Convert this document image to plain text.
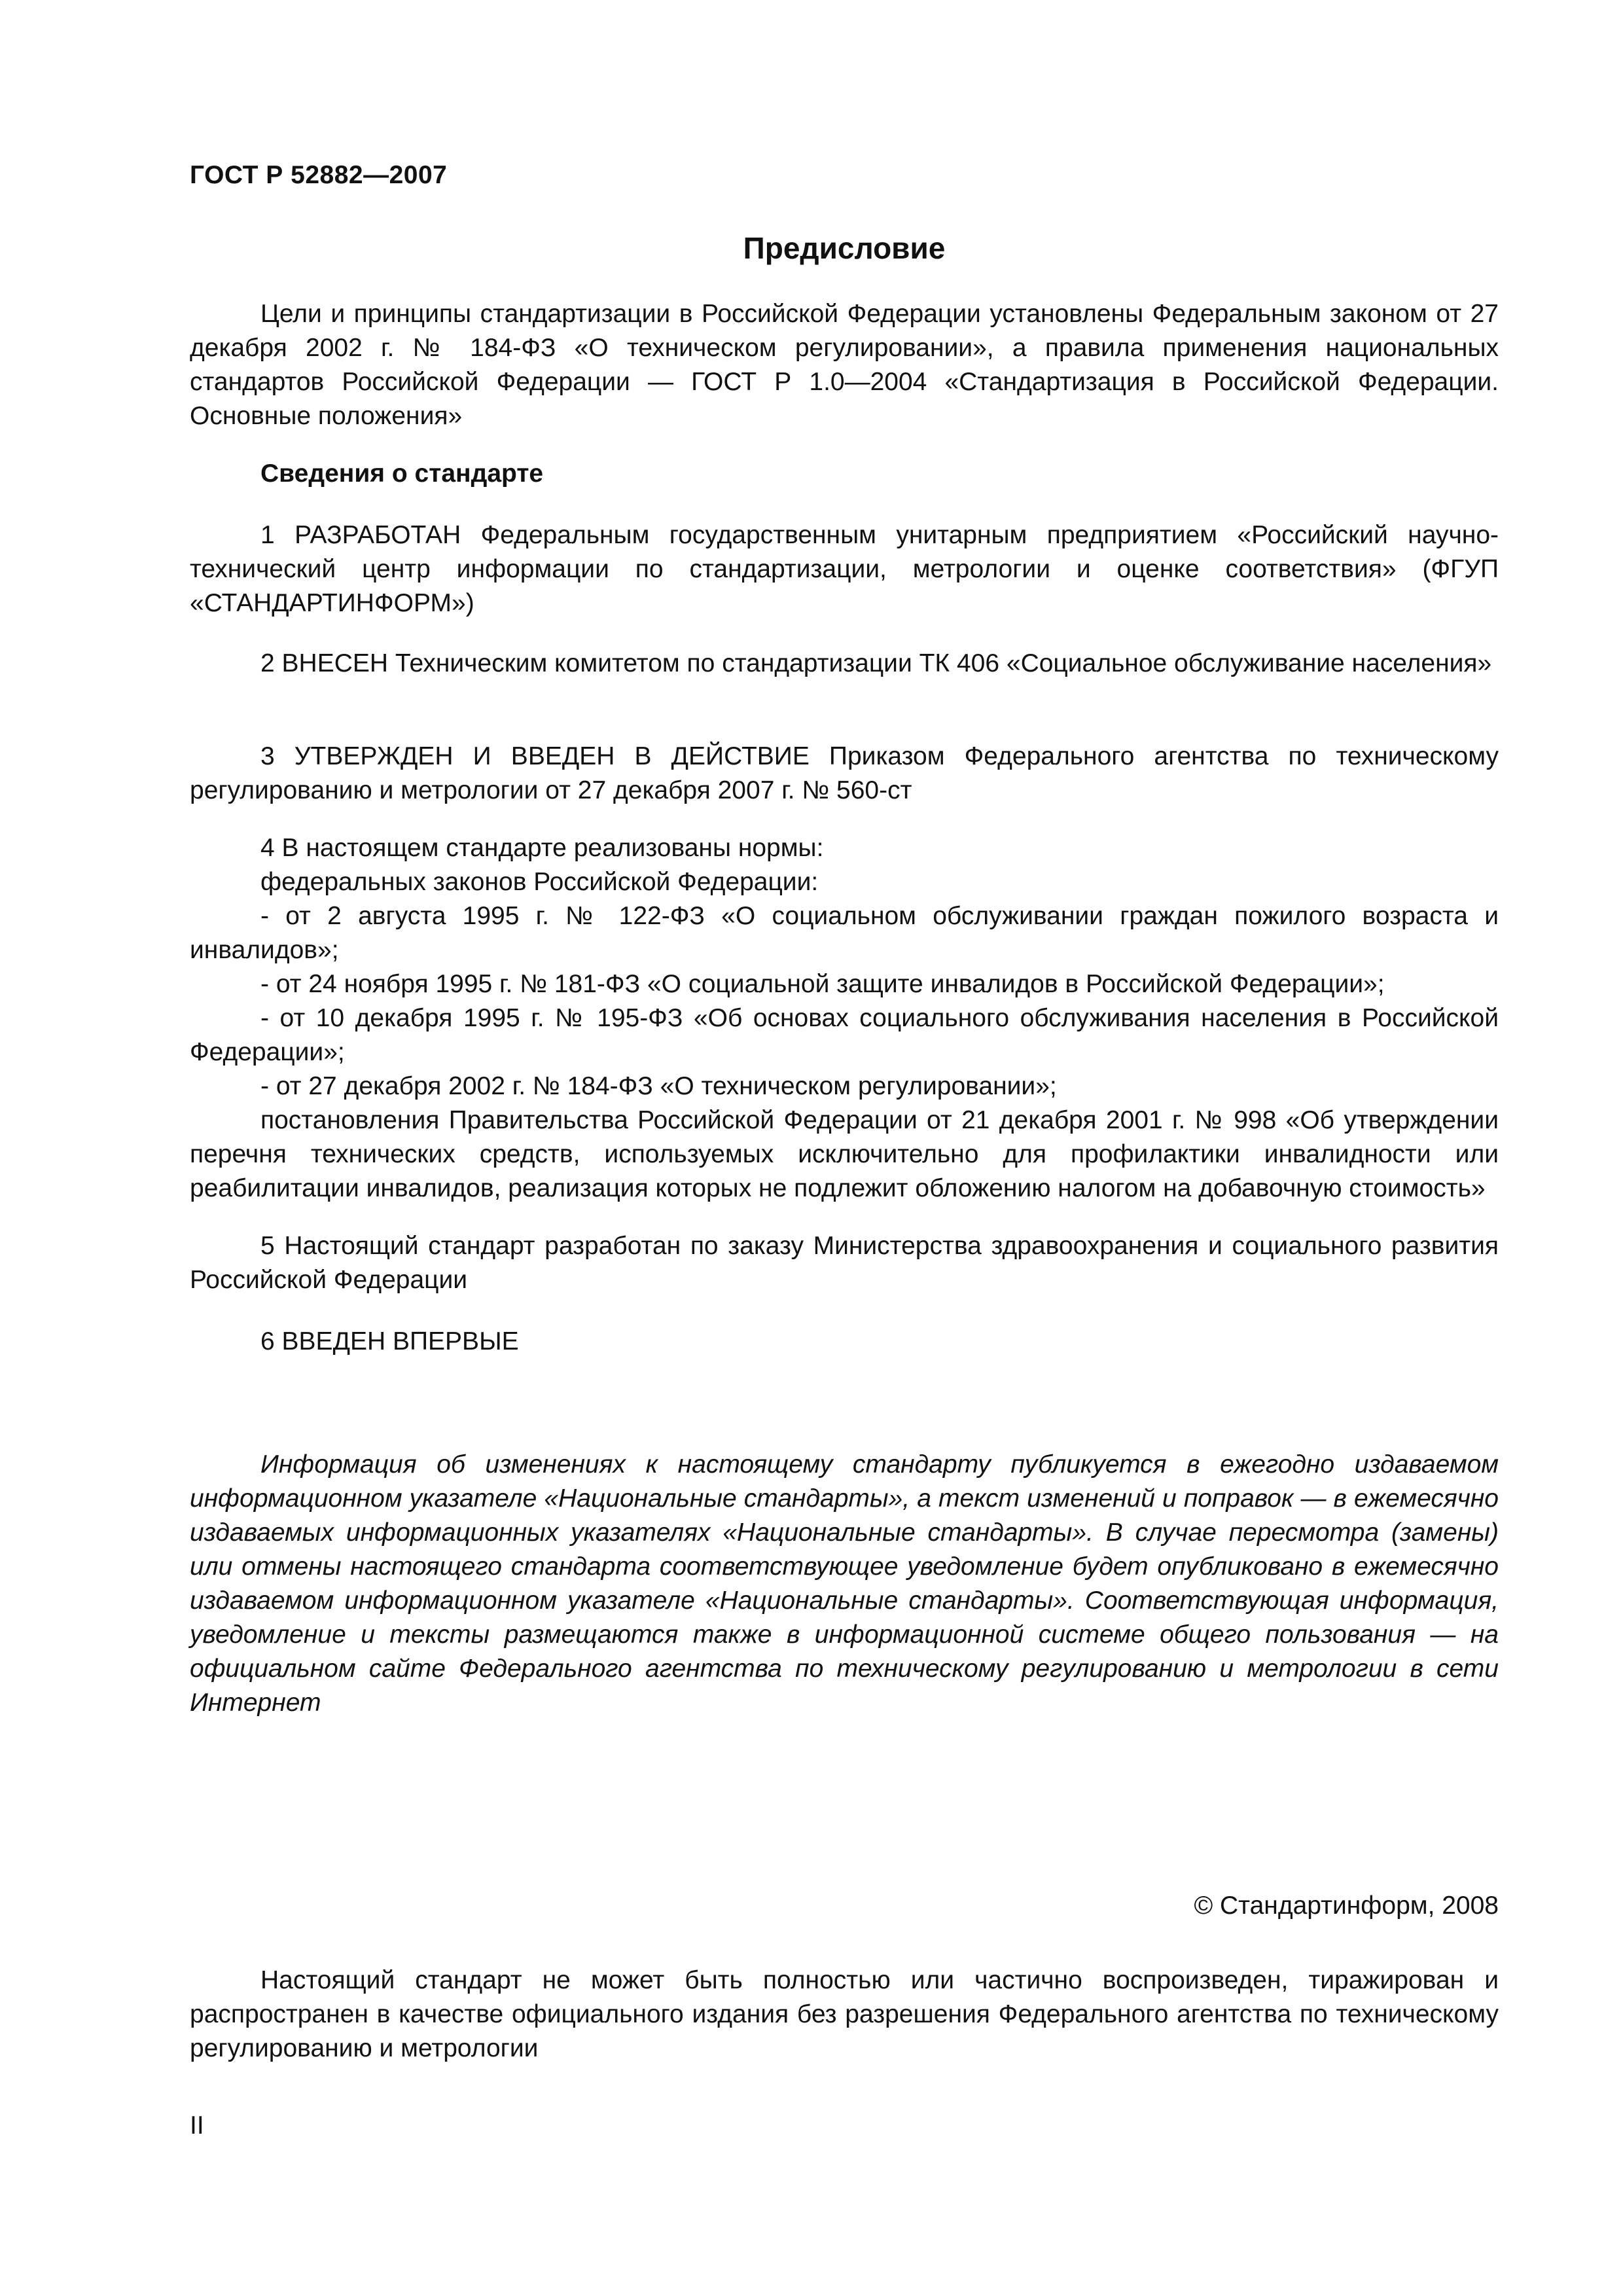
ГОСТ Р 52882—2007
Предисловие

Цели и принципы стандартизации в Российской Федерации установлены Федеральным законом от 27 декабря 2002 г. № 184-ФЗ «О техническом регулировании», а правила применения национальных стандартов Российской Федерации — ГОСТ Р 1.0—2004 «Стандартизация в Российской Федерации. Основные положения»

Сведения о стандарте

1 РАЗРАБОТАН Федеральным государственным унитарным предприятием «Российский научно-технический центр информации по стандартизации, метрологии и оценке соответствия» (ФГУП «СТАНДАРТИНФОРМ»)

2 ВНЕСЕН Техническим комитетом по стандартизации ТК 406 «Социальное обслуживание населения»

3 УТВЕРЖДЕН И ВВЕДЕН В ДЕЙСТВИЕ Приказом Федерального агентства по техническому регулированию и метрологии от 27 декабря 2007 г. № 560-ст

4 В настоящем стандарте реализованы нормы:

федеральных законов Российской Федерации:

- от 2 августа 1995 г. № 122-ФЗ «О социальном обслуживании граждан пожилого возраста и инвалидов»;

- от 24 ноября 1995 г. № 181-ФЗ «О социальной защите инвалидов в Российской Федерации»;

- от 10 декабря 1995 г. № 195-ФЗ «Об основах социального обслуживания населения в Российской Федерации»;

- от 27 декабря 2002 г. № 184-ФЗ «О техническом регулировании»;

постановления Правительства Российской Федерации от 21 декабря 2001 г. № 998 «Об утверждении перечня технических средств, используемых исключительно для профилактики инвалидности или реабилитации инвалидов, реализация которых не подлежит обложению налогом на добавочную стоимость»

5 Настоящий стандарт разработан по заказу Министерства здравоохранения и социального развития Российской Федерации

6 ВВЕДЕН ВПЕРВЫЕ

Информация об изменениях к настоящему стандарту публикуется в ежегодно издаваемом информационном указателе «Национальные стандарты», а текст изменений и поправок — в ежемесячно издаваемых информационных указателях «Национальные стандарты». В случае пересмотра (замены) или отмены настоящего стандарта соответствующее уведомление будет опубликовано в ежемесячно издаваемом информационном указателе «Национальные стандарты». Соответствующая информация, уведомление и тексты размещаются также в информационной системе общего пользования — на официальном сайте Федерального агентства по техническому регулированию и метрологии в сети Интернет

© Стандартинформ, 2008

Настоящий стандарт не может быть полностью или частично воспроизведен, тиражирован и распространен в качестве официального издания без разрешения Федерального агентства по техническому регулированию и метрологии

II
